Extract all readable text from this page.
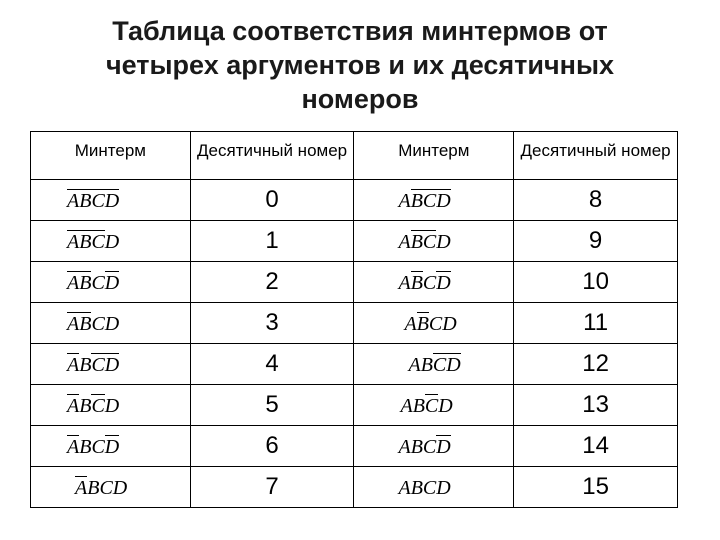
Таблица соответствия минтермов от
четырех аргументов и их десятичных
номеров
Минтерм	Десятичный номер	Минтерм	Десятичный номер
ABCD	0	ABCD	8
ABCD	1	ABCD	9
ABCD	2	ABCD	10
ABCD	3	ABCD	11
ABCD	4	ABCD	12
ABCD	5	ABCD	13
ABCD	6	ABCD	14
ABCD	7	ABCD	15
